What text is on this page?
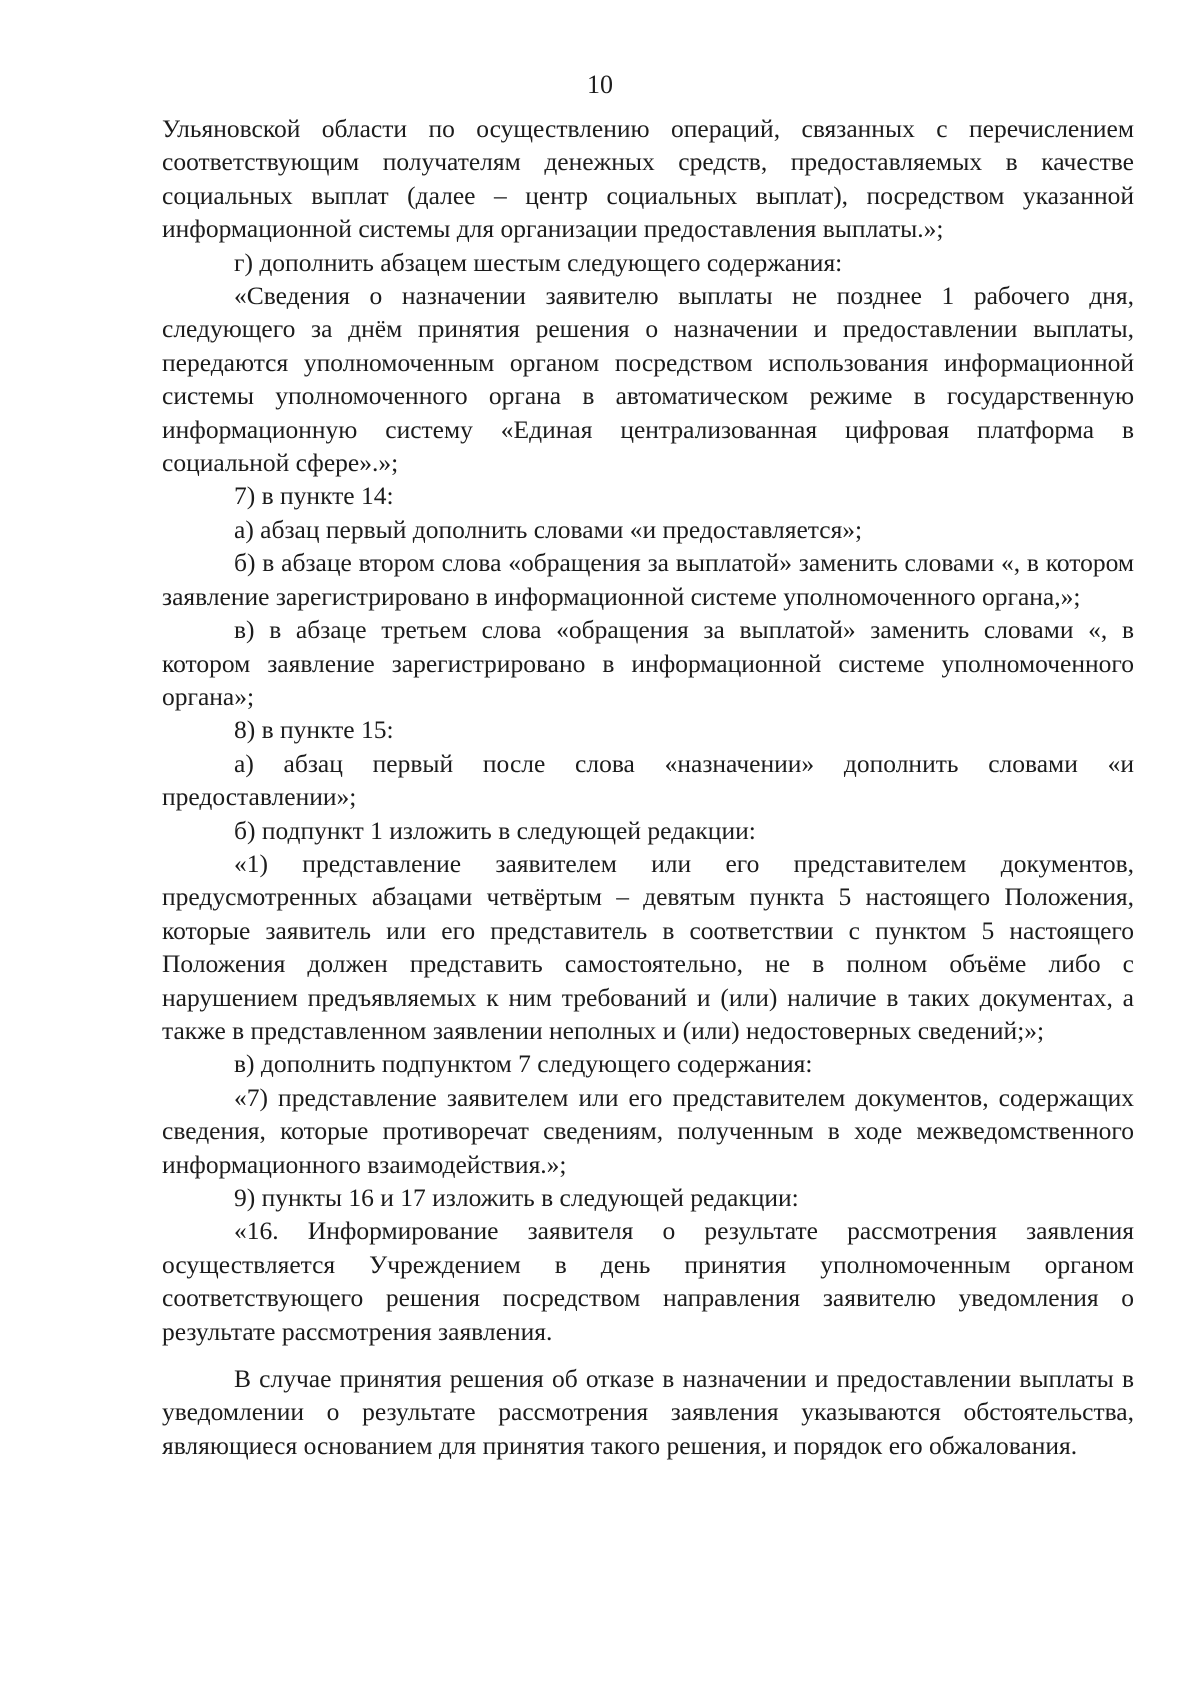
10

Ульяновской области по осуществлению операций, связанных с перечислением соответствующим получателям денежных средств, предоставляемых в качестве социальных выплат (далее – центр социальных выплат), посредством указанной информационной системы для организации предоставления выплаты.»;

г) дополнить абзацем шестым следующего содержания:

«Сведения о назначении заявителю выплаты не позднее 1 рабочего дня, следующего за днём принятия решения о назначении и предоставлении выплаты, передаются уполномоченным органом посредством использования информационной системы уполномоченного органа в автоматическом режиме в государственную информационную систему «Единая централизованная цифровая платформа в социальной сфере».»;

7) в пункте 14:

а) абзац первый дополнить словами «и предоставляется»;

б) в абзаце втором слова «обращения за выплатой» заменить словами «, в котором заявление зарегистрировано в информационной системе уполномоченного органа,»;

в) в абзаце третьем слова «обращения за выплатой» заменить словами «, в котором заявление зарегистрировано в информационной системе уполномоченного органа»;

8) в пункте 15:

а) абзац первый после слова «назначении» дополнить словами «и предоставлении»;

б) подпункт 1 изложить в следующей редакции:

«1) представление заявителем или его представителем документов, предусмотренных абзацами четвёртым – девятым пункта 5 настоящего Положения, которые заявитель или его представитель в соответствии с пунктом 5 настоящего Положения должен представить самостоятельно, не в полном объёме либо с нарушением предъявляемых к ним требований и (или) наличие в таких документах, а также в представленном заявлении неполных и (или) недостоверных сведений;»;

в) дополнить подпунктом 7 следующего содержания:

«7) представление заявителем или его представителем документов, содержащих сведения, которые противоречат сведениям, полученным в ходе межведомственного информационного взаимодействия.»;

9) пункты 16 и 17 изложить в следующей редакции:

«16. Информирование заявителя о результате рассмотрения заявления осуществляется Учреждением в день принятия уполномоченным органом соответствующего решения посредством направления заявителю уведомления о результате рассмотрения заявления.

В случае принятия решения об отказе в назначении и предоставлении выплаты в уведомлении о результате рассмотрения заявления указываются обстоятельства, являющиеся основанием для принятия такого решения, и порядок его обжалования.
